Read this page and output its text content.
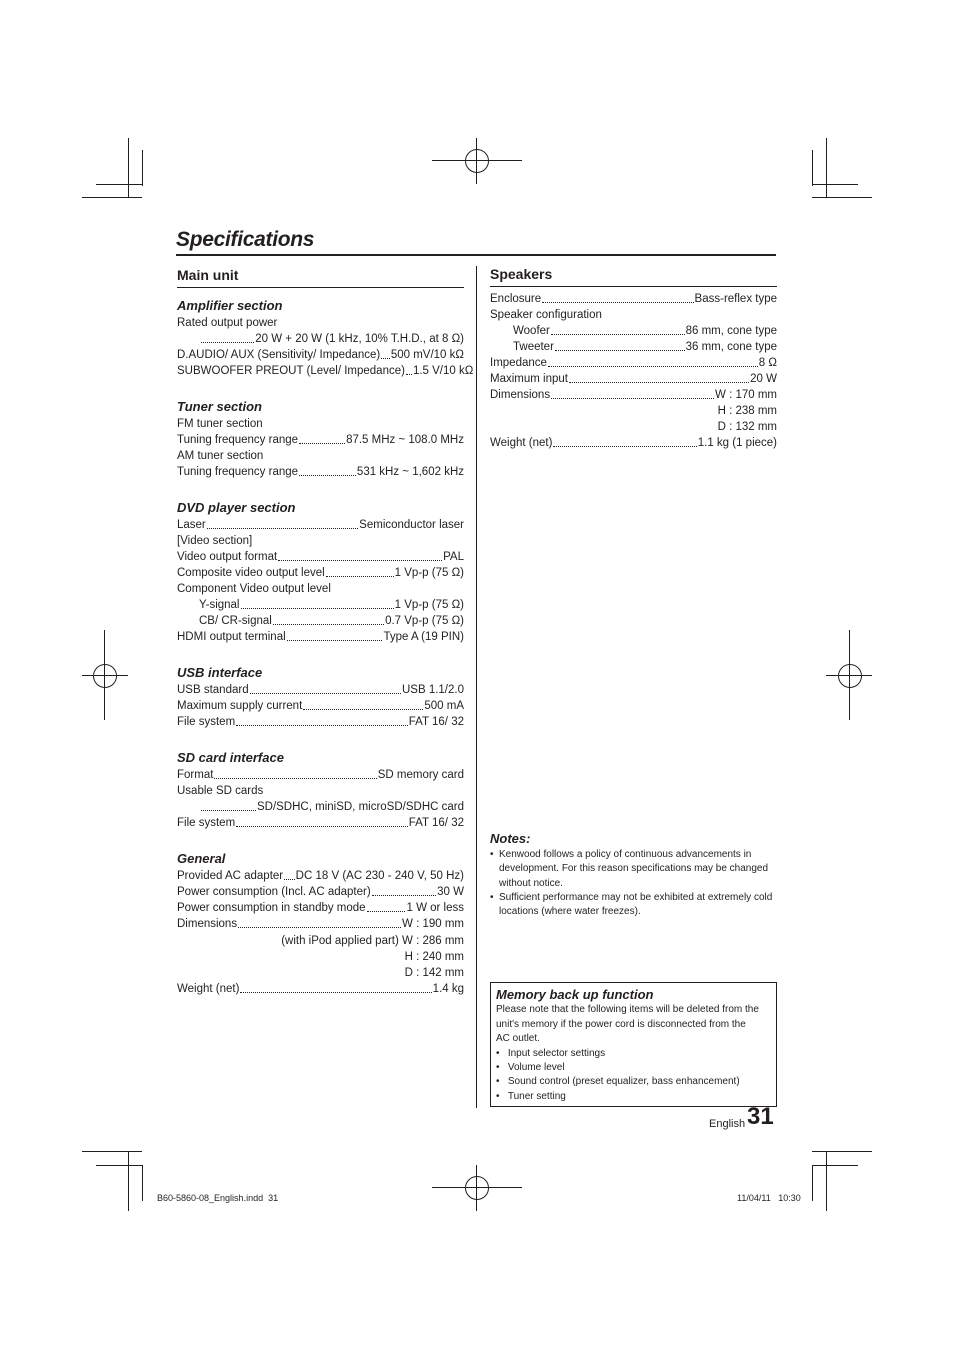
Specifications
Main unit
Amplifier section
Rated output power
20 W + 20 W (1 kHz, 10% T.H.D., at 8 Ω)
D.AUDIO/ AUX (Sensitivity/ Impedance) 500 mV/10 kΩ
SUBWOOFER PREOUT (Level/ Impedance) 1.5 V/10 kΩ
Tuner section
FM tuner section
Tuning frequency range	87.5 MHz ~ 108.0 MHz
AM tuner section
Tuning frequency range	531 kHz ~ 1,602 kHz
DVD player section
Laser	Semiconductor laser
[Video section]
Video output format	PAL
Composite video output level	1 Vp-p (75 Ω)
Component Video output level
Y-signal	1 Vp-p (75 Ω)
CB/ CR-signal	0.7 Vp-p (75 Ω)
HDMI output terminal	Type A (19 PIN)
USB interface
USB standard	USB 1.1/2.0
Maximum supply current	500 mA
File system	FAT 16/ 32
SD card interface
Format	SD memory card
Usable SD cards
SD/SDHC, miniSD, microSD/SDHC card
File system	FAT 16/ 32
General
Provided AC adapter DC 18 V (AC 230 - 240 V, 50 Hz)
Power consumption (Incl. AC adapter)	30 W
Power consumption in standby mode	1 W or less
Dimensions	W : 190 mm
(with iPod applied part) W : 286 mm
H : 240 mm
D : 142 mm
Weight (net)	1.4 kg
Speakers
Enclosure	Bass-reflex type
Speaker configuration
Woofer	86 mm, cone type
Tweeter	36 mm, cone type
Impedance	8 Ω
Maximum input	20 W
Dimensions	W : 170 mm
H : 238 mm
D : 132 mm
Weight (net)	1.1 kg (1 piece)
Notes:
• Kenwood follows a policy of continuous advancements in development. For this reason specifications may be changed without notice.
• Sufficient performance may not be exhibited at extremely cold locations (where water freezes).
Memory back up function
Please note that the following items will be deleted from the
unit's memory if the power cord is disconnected from the
AC outlet.
•   Input selector settings
•   Volume level
•   Sound control (preset equalizer, bass enhancement)
•   Tuner setting
English 31
B60-5860-08_English.indd  31	11/04/11   10:30
